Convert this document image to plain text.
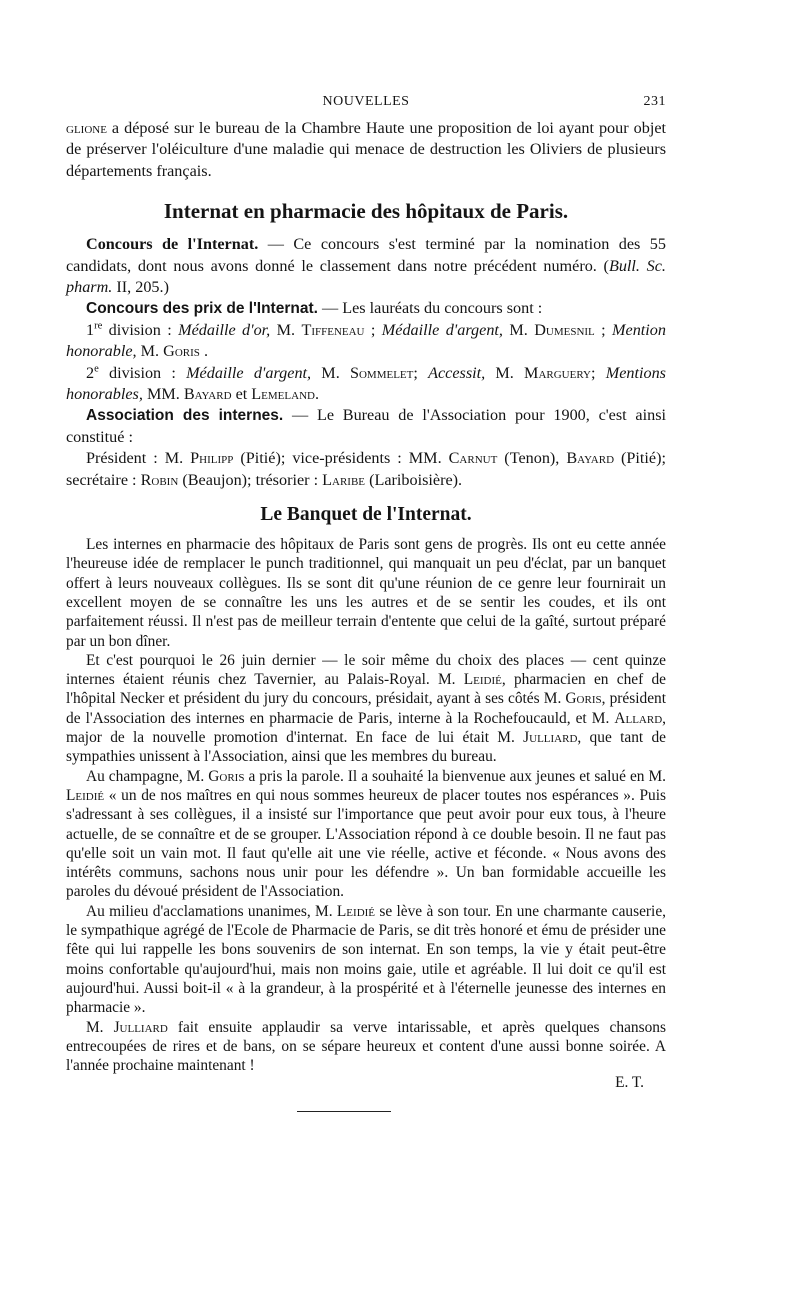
NOUVELLES	231

glione a déposé sur le bureau de la Chambre Haute une proposition de loi ayant pour objet de préserver l'oléiculture d'une maladie qui menace de destruction les Oliviers de plusieurs départements français.

Internat en pharmacie des hôpitaux de Paris.

Concours de l'Internat. — Ce concours s'est terminé par la nomination des 55 candidats, dont nous avons donné le classement dans notre précédent numéro. (Bull. Sc. pharm. II, 205.)

Concours des prix de l'Internat. — Les lauréats du concours sont :

1re division : Médaille d'or, M. Tiffeneau ; Médaille d'argent, M. Dumesnil ; Mention honorable, M. Goris .

2e division : Médaille d'argent, M. Sommelet; Accessit, M. Marguery; Mentions honorables, MM. Bayard et Lemeland.

Association des internes. — Le Bureau de l'Association pour 1900, c'est ainsi constitué :

Président : M. Philipp (Pitié); vice-présidents : MM. Carnut (Tenon), Bayard (Pitié); secrétaire : Robin (Beaujon); trésorier : Laribe (Lariboisière).

Le Banquet de l'Internat.

Les internes en pharmacie des hôpitaux de Paris sont gens de progrès. Ils ont eu cette année l'heureuse idée de remplacer le punch traditionnel, qui manquait un peu d'éclat, par un banquet offert à leurs nouveaux collègues. Ils se sont dit qu'une réunion de ce genre leur fournirait un excellent moyen de se connaître les uns les autres et de se sentir les coudes, et ils ont parfaitement réussi. Il n'est pas de meilleur terrain d'entente que celui de la gaîté, surtout préparé par un bon dîner.

Et c'est pourquoi le 26 juin dernier — le soir même du choix des places — cent quinze internes étaient réunis chez Tavernier, au Palais-Royal. M. Leidié, pharmacien en chef de l'hôpital Necker et président du jury du concours, présidait, ayant à ses côtés M. Goris, président de l'Association des internes en pharmacie de Paris, interne à la Rochefoucauld, et M. Allard, major de la nouvelle promotion d'internat. En face de lui était M. Julliard, que tant de sympathies unissent à l'Association, ainsi que les membres du bureau.

Au champagne, M. Goris a pris la parole. Il a souhaité la bienvenue aux jeunes et salué en M. Leidié « un de nos maîtres en qui nous sommes heureux de placer toutes nos espérances ». Puis s'adressant à ses collègues, il a insisté sur l'importance que peut avoir pour eux tous, à l'heure actuelle, de se connaître et de se grouper. L'Association répond à ce double besoin. Il ne faut pas qu'elle soit un vain mot. Il faut qu'elle ait une vie réelle, active et féconde. « Nous avons des intérêts communs, sachons nous unir pour les défendre ». Un ban formidable accueille les paroles du dévoué président de l'Association.

Au milieu d'acclamations unanimes, M. Leidié se lève à son tour. En une charmante causerie, le sympathique agrégé de l'Ecole de Pharmacie de Paris, se dit très honoré et ému de présider une fête qui lui rappelle les bons souvenirs de son internat. En son temps, la vie y était peut-être moins confortable qu'aujourd'hui, mais non moins gaie, utile et agréable. Il lui doit ce qu'il est aujourd'hui. Aussi boit-il « à la grandeur, à la prospérité et à l'éternelle jeunesse des internes en pharmacie ».

M. Julliard fait ensuite applaudir sa verve intarissable, et après quelques chansons entrecoupées de rires et de bans, on se sépare heureux et content d'une aussi bonne soirée. A l'année prochaine maintenant !

E. T.
